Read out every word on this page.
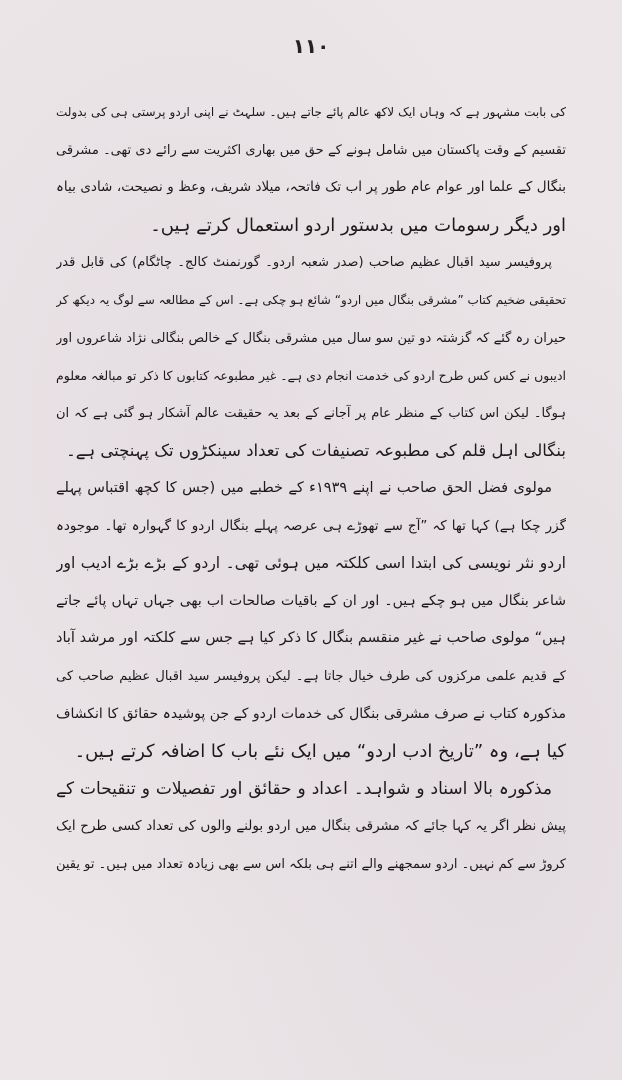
١١٠
کی بابت مشہور ہے کہ وہاں ایک لاکھ عالم پائے جاتے ہیں۔ سلہٹ نے اپنی اردو پرستی ہی کی بدولت
تقسیم کے وقت پاکستان میں شامل ہونے کے حق میں بھاری اکثریت سے رائے دی تھی۔ مشرقی
بنگال کے علما اور عوام عام طور پر اب تک فاتحہ، میلاد شریف، وعظ و نصیحت، شادی بیاہ
اور دیگر رسومات میں بدستور اردو استعمال کرتے ہیں۔
پروفیسر سید اقبال عظیم صاحب (صدر شعبہ اردو۔ گورنمنٹ کالج۔ چاٹگام) کی قابل قدر
تحقیقی ضخیم کتاب ”مشرقی بنگال میں اردو“ شائع ہو چکی ہے۔ اس کے مطالعہ سے لوگ یہ دیکھ کر
حیران رہ گئے کہ گزشتہ دو تین سو سال میں مشرقی بنگال کے خالص بنگالی نژاد شاعروں اور
ادیبوں نے کس کس طرح اردو کی خدمت انجام دی ہے۔ غیر مطبوعہ کتابوں کا ذکر تو مبالغہ معلوم
ہوگا۔ لیکن اس کتاب کے منظر عام پر آجانے کے بعد یہ حقیقت عالم آشکار ہو گئی ہے کہ ان
بنگالی اہل قلم کی مطبوعہ تصنیفات کی تعداد سینکڑوں تک پہنچتی ہے۔
مولوی فضل الحق صاحب نے اپنے ١٩٣٩ء کے خطبے میں (جس کا کچھ اقتباس پہلے
گزر چکا ہے) کہا تھا کہ ”آج سے تھوڑے ہی عرصہ پہلے بنگال اردو کا گہوارہ تھا۔ موجودہ
اردو نثر نویسی کی ابتدا اسی کلکتہ میں ہوئی تھی۔ اردو کے بڑے بڑے ادیب اور
شاعر بنگال میں ہو چکے ہیں۔ اور ان کے باقیات صالحات اب بھی جہاں تہاں پائے جاتے
ہیں“ مولوی صاحب نے غیر منقسم بنگال کا ذکر کیا ہے جس سے کلکتہ اور مرشد آباد
کے قدیم علمی مرکزوں کی طرف خیال جاتا ہے۔ لیکن پروفیسر سید اقبال عظیم صاحب کی
مذکورہ کتاب نے صرف مشرقی بنگال کی خدمات اردو کے جن پوشیدہ حقائق کا انکشاف
کیا ہے، وہ ”تاریخ ادب اردو“ میں ایک نئے باب کا اضافہ کرتے ہیں۔
مذکورہ بالا اسناد و شواہد۔ اعداد و حقائق اور تفصیلات و تنقیحات کے
پیش نظر اگر یہ کہا جائے کہ مشرقی بنگال میں اردو بولنے والوں کی تعداد کسی طرح ایک
کروڑ سے کم نہیں۔ اردو سمجھنے والے اتنے ہی بلکہ اس سے بھی زیادہ تعداد میں ہیں۔ تو یقین
